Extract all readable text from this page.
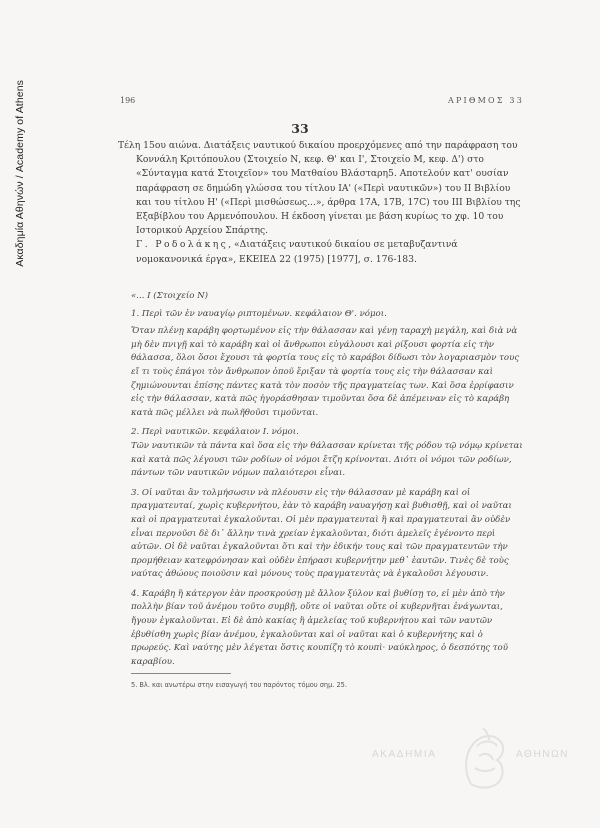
Ακαδημία Αθηνών / Academy of Athens	196	ΑΡΙΘΜΟΣ 33
33

Τέλη 15ου αιώνα. Διατάξεις ναυτικού δικαίου προερχόμενες από την παράφραση του Κοννάλη Κριτόπουλου (Στοιχείο Ν, κεφ. Θ' και Ι', Στοιχείο Μ, κεφ. Δ') στο «Σύνταγμα κατά Στοιχεῖον» του Ματθαίου Βλάσταρη5. Αποτελούν κατ' ουσίαν παράφραση σε δημώδη γλώσσα του τίτλου ΙΑ' («Περὶ ναυτικῶν») του ΙΙ Βιβλίου και του τίτλου Η' («Περὶ μισθώσεως...», άρθρα 17Α, 17Β, 17C) του ΙΙΙ Βιβλίου της Εξαβίβλου του Αρμενόπουλου. Η έκδοση γίνεται με βάση κυρίως το χφ. 10 του Ιστορικού Αρχείου Σπάρτης.

Γ. Ροδολάκης, «Διατάξεις ναυτικού δικαίου σε μεταβυζαντινά νομοκανονικά έργα», ΕΚΕΙΕΔ 22 (1975) [1977], σ. 176-183.

«... Ι (Στοιχείο Ν)

1. Περὶ τῶν ἐν ναυαγίῳ ριπτομένων. κεφάλαιον Θ'. νόμοι.

Ὅταν πλένῃ καράβη φορτωμένον εἰς τὴν θάλασσαν καὶ γένῃ ταραχὴ μεγάλη, καὶ διὰ νὰ μὴ δὲν πνιγῇ καὶ τὸ καράβη καὶ οἱ ἄνθρωποι εὐγάλουσι καὶ ρίξουσι φορτία εἰς τὴν θάλασσα, ὅλοι ὅσοι ἔχουσι τὰ φορτία τους εἰς τὸ καράβοι δίδωσι τὸν λογαριασμὸν τους εἴ τι τοὺς ἐπάγοι τὸν ἄνθρωπον ὁποῦ ἔριξαν τὰ φορτία τους εἰς τὴν θάλασσαν καὶ ζημιώνουνται ἐπίσης πάντες κατὰ τὸν ποσὸν τῆς πραγματείας των. Καὶ ὅσα ἐρρίφασιν εἰς τὴν θάλασσαν, κατὰ πῶς ἠγοράσθησαν τιμοῦνται ὅσα δὲ ἀπέμειναν εἰς τὸ καράβη κατὰ πῶς μέλλει νὰ πωλῆθοῦσι τιμοῦνται.

2. Περὶ ναυτικῶν. κεφάλαιον Ι. νόμοι.

Τῶν ναυτικῶν τὰ πάντα καὶ ὅσα εἰς τὴν θάλασσαν κρίνεται τῆς ρόδου τῷ νόμῳ κρίνεται καὶ κατὰ πῶς λέγουσι τῶν ροδίων οἱ νόμοι ἔτζη κρίνονται. Διότι οἱ νόμοι τῶν ροδίων, πάντων τῶν ναυτικῶν νόμων παλαιότεροι εἶναι.

3. Οἱ ναῦται ἂν τολμήσωσιν νὰ πλέουσιν εἰς τὴν θάλασσαν μὲ καράβη καὶ οἱ πραγματευταί, χωρὶς κυβερνήτου, ἐὰν τὸ καράβη ναυαγήσῃ καὶ βυθισθῇ, καὶ οἱ ναῦται καὶ οἱ πραγματευταὶ ἐγκαλοῦνται. Οἱ μὲν πραγματευταὶ ἢ καὶ πραγματευταὶ ἂν οὐδὲν εἶναι περνοῦσι δὲ δι᾽ ἄλλην τινὰ χρείαν ἐγκαλοῦνται, διότι ἀμελεῖς ἐγένοντο περὶ αὐτῶν. Οἱ δὲ ναῦται ἐγκαλοῦνται ὅτι καὶ τὴν ἐδικήν τους καὶ τῶν πραγματευτῶν τὴν προμήθειαν κατεφρόνησαν καὶ οὐδὲν ἐπήρασι κυβερνήτην μεθ᾽ ἑαυτῶν. Τινὲς δὲ τοὺς ναύτας ἀθώους ποιοῦσιν καὶ μόνους τοὺς πραγματευτὰς νὰ ἐγκαλοῦσι λέγουσιν.

4. Καράβη ἢ κάτεργον ἐὰν προσκρούσῃ μὲ ἄλλον ξύλον καὶ βυθίσῃ το, εἰ μὲν ἀπὸ τὴν πολλὴν βίαν τοῦ ἀνέμου τοῦτο συμβῇ, οὔτε οἱ ναῦται οὔτε οἱ κυβερνῆται ἐνάγωνται, ἤγουν ἐγκαλοῦνται. Εἰ δὲ ἀπὸ κακίας ἢ ἀμελείας τοῦ κυβερνήτου καὶ τῶν ναυτῶν ἐβυθίσθη χωρὶς βίαν ἀνέμου, ἐγκαλοῦνται καὶ οἱ ναῦται καὶ ὁ κυβερνήτης καὶ ὁ πρωρεύς. Καὶ ναύτης μὲν λέγεται ὅστις κουπίζη τὸ κουπὶ· ναύκληρος, ὁ δεσπότης τοῦ καραβίου.

5. Βλ. και ανωτέρω στην εισαγωγή του παρόντος τόμου σημ. 25.
ΑΚΑΔΗΜΙΑ	ΑΘΗΝΩΝ
